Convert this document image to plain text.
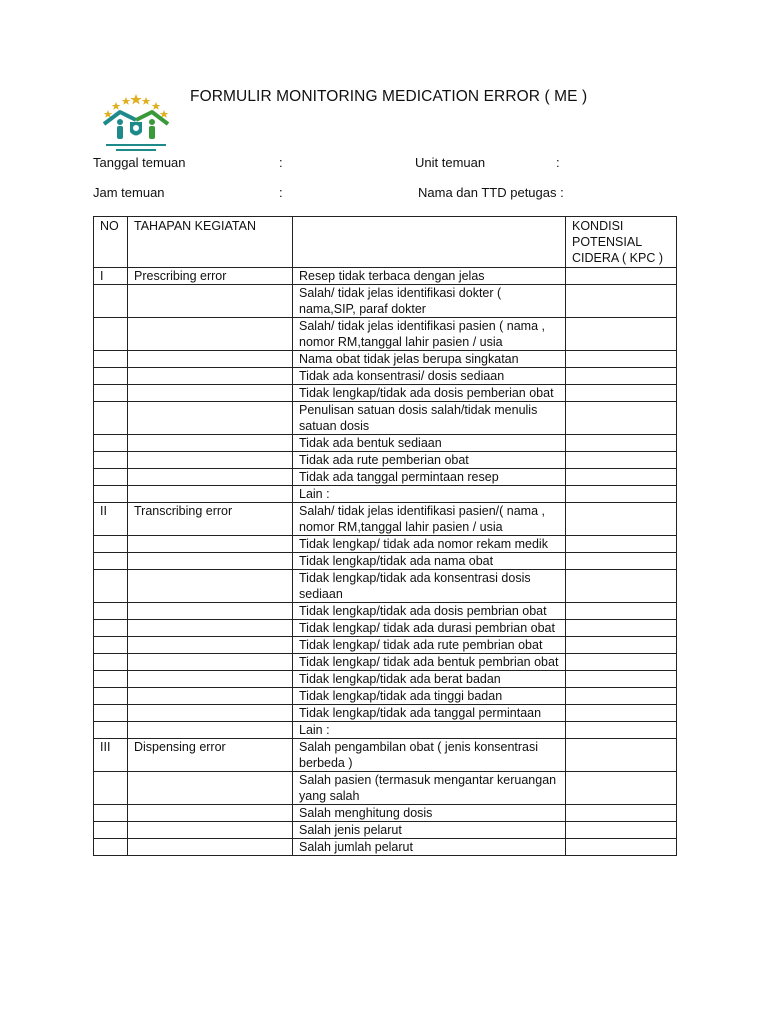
FORMULIR MONITORING MEDICATION ERROR ( ME )
Tanggal temuan	:	Unit temuan	:
Jam temuan	:	Nama dan TTD petugas :
NO	TAHAPAN KEGIATAN		KONDISI POTENSIAL CIDERA ( KPC )
I	Prescribing error	Resep tidak terbaca dengan jelas	
		Salah/ tidak jelas identifikasi dokter ( nama,SIP, paraf dokter	
		Salah/ tidak jelas identifikasi pasien ( nama , nomor RM,tanggal lahir pasien / usia	
		Nama obat tidak jelas berupa singkatan	
		Tidak ada konsentrasi/ dosis sediaan	
		Tidak lengkap/tidak ada dosis pemberian obat	
		Penulisan satuan dosis salah/tidak menulis satuan dosis	
		Tidak ada bentuk sediaan	
		Tidak ada rute pemberian obat	
		Tidak ada tanggal permintaan resep	
		Lain :	
II	Transcribing error	Salah/ tidak jelas identifikasi pasien/( nama , nomor RM,tanggal lahir pasien / usia	
		Tidak lengkap/ tidak ada nomor rekam medik	
		Tidak lengkap/tidak ada nama obat	
		Tidak lengkap/tidak ada konsentrasi dosis sediaan	
		Tidak lengkap/tidak ada dosis pembrian obat	
		Tidak lengkap/ tidak ada durasi pembrian obat	
		Tidak lengkap/ tidak ada rute pembrian obat	
		Tidak lengkap/ tidak ada bentuk pembrian obat	
		Tidak lengkap/tidak ada berat badan	
		Tidak lengkap/tidak ada tinggi badan	
		Tidak lengkap/tidak ada tanggal permintaan	
		Lain :	
III	Dispensing error	Salah pengambilan obat ( jenis konsentrasi berbeda )	
		Salah pasien (termasuk mengantar keruangan yang salah	
		Salah menghitung dosis	
		Salah jenis pelarut	
		Salah jumlah pelarut	
